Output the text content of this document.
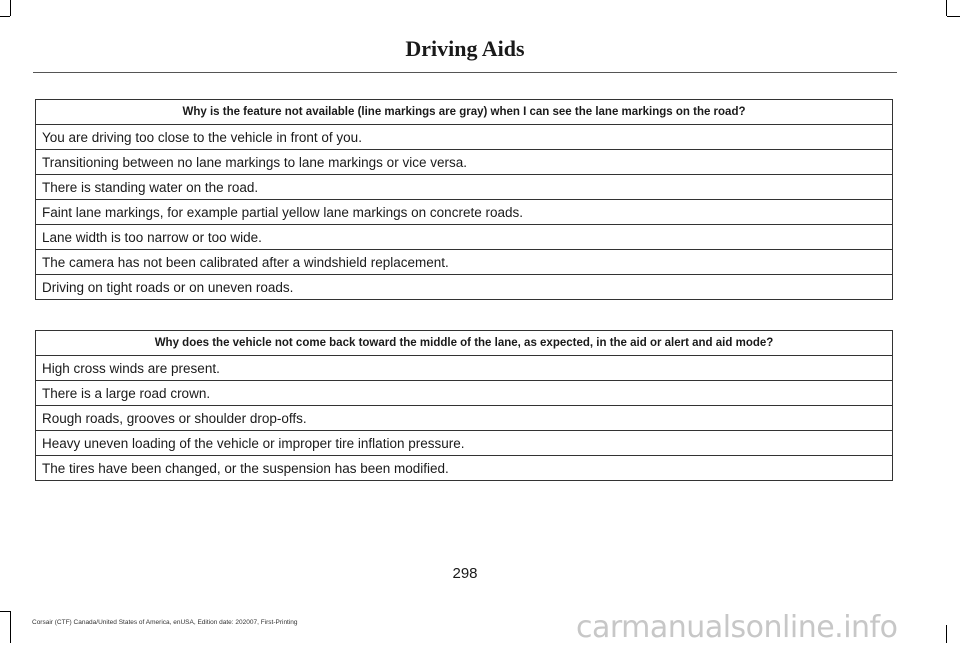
Driving Aids
Why is the feature not available (line markings are gray) when I can see the lane markings on the road?
You are driving too close to the vehicle in front of you.
Transitioning between no lane markings to lane markings or vice versa.
There is standing water on the road.
Faint lane markings, for example partial yellow lane markings on concrete roads.
Lane width is too narrow or too wide.
The camera has not been calibrated after a windshield replacement.
Driving on tight roads or on uneven roads.
Why does the vehicle not come back toward the middle of the lane, as expected, in the aid or alert and aid mode?
High cross winds are present.
There is a large road crown.
Rough roads, grooves or shoulder drop-offs.
Heavy uneven loading of the vehicle or improper tire inflation pressure.
The tires have been changed, or the suspension has been modified.
298
Corsair (CTF) Canada/United States of America, enUSA, Edition date: 202007, First-Printing	carmanualsonline.info
